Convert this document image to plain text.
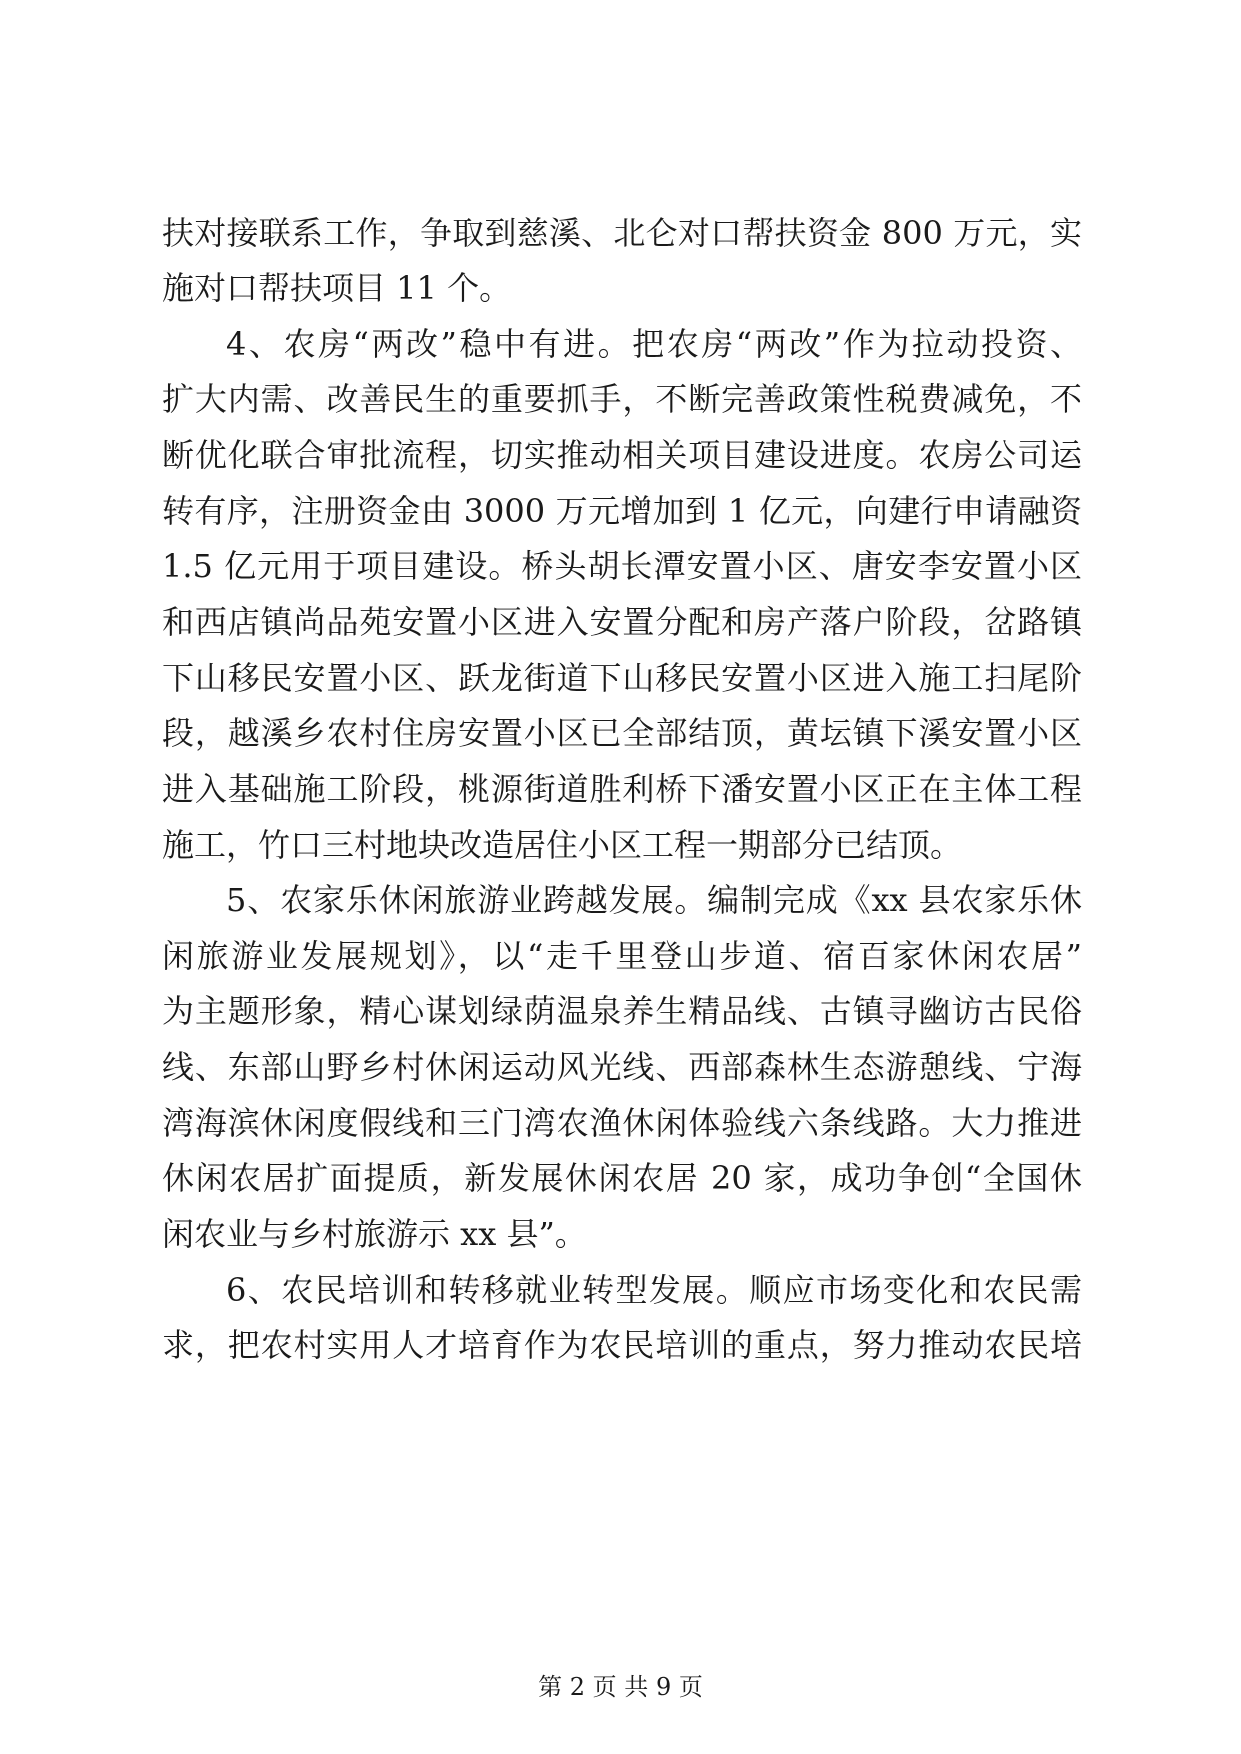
扶对接联系工作，争取到慈溪、北仑对口帮扶资金 800 万元，实
施对口帮扶项目 11 个。
4、农房“两改”稳中有进。把农房“两改”作为拉动投资、
扩大内需、改善民生的重要抓手，不断完善政策性税费减免，不
断优化联合审批流程，切实推动相关项目建设进度。农房公司运
转有序，注册资金由 3000 万元增加到 1 亿元，向建行申请融资
1.5 亿元用于项目建设。桥头胡长潭安置小区、唐安李安置小区
和西店镇尚品苑安置小区进入安置分配和房产落户阶段，岔路镇
下山移民安置小区、跃龙街道下山移民安置小区进入施工扫尾阶
段，越溪乡农村住房安置小区已全部结顶，黄坛镇下溪安置小区
进入基础施工阶段，桃源街道胜利桥下潘安置小区正在主体工程
施工，竹口三村地块改造居住小区工程一期部分已结顶。
5、农家乐休闲旅游业跨越发展。编制完成《xx 县农家乐休
闲旅游业发展规划》，以“走千里登山步道、宿百家休闲农居”
为主题形象，精心谋划绿荫温泉养生精品线、古镇寻幽访古民俗
线、东部山野乡村休闲运动风光线、西部森林生态游憩线、宁海
湾海滨休闲度假线和三门湾农渔休闲体验线六条线路。大力推进
休闲农居扩面提质，新发展休闲农居 20 家，成功争创“全国休
闲农业与乡村旅游示 xx 县”。
6、农民培训和转移就业转型发展。顺应市场变化和农民需
求，把农村实用人才培育作为农民培训的重点，努力推动农民培
第 2 页 共 9 页
